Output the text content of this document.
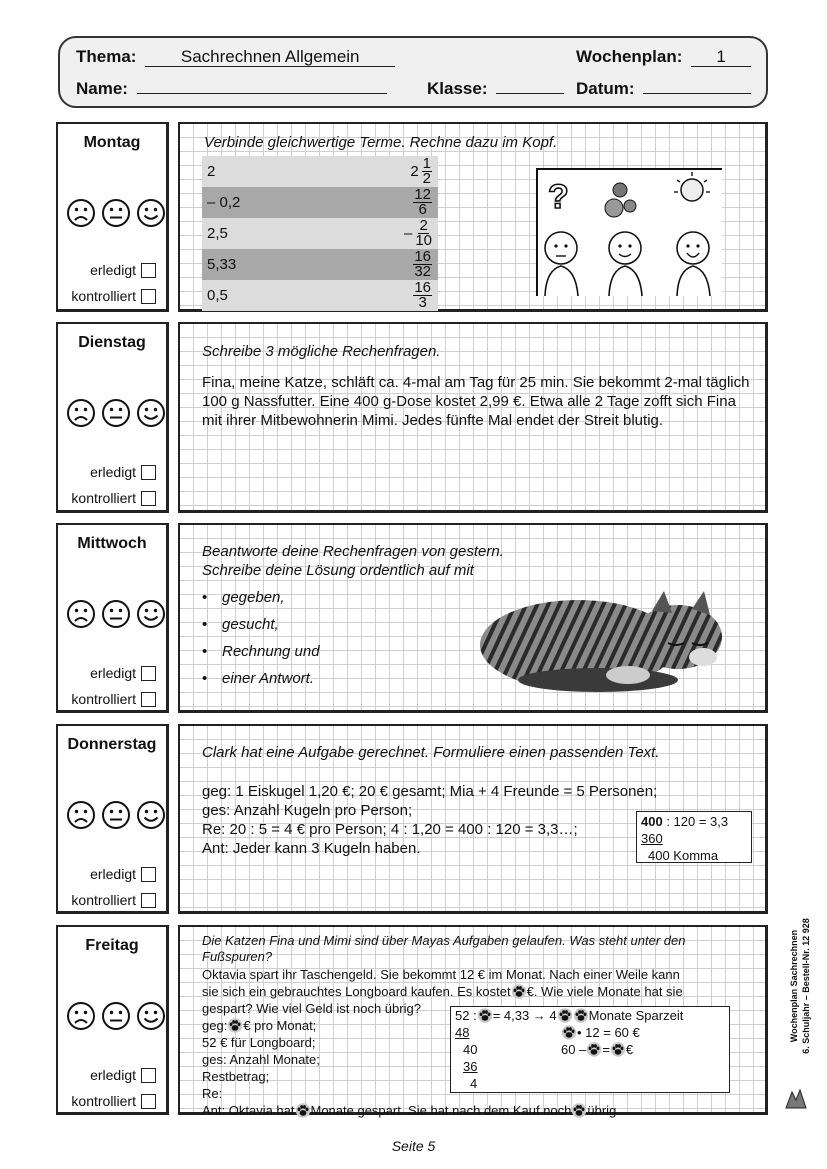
Thema:	Sachrechnen Allgemein	Wochenplan: 1
Name:	Klasse:	Datum:
Montag
erledigt
kontrolliert
Verbinde gleichwertige Terme. Rechne dazu im Kopf.
2	$2 \frac{1}{2}$
– 0,2	$\frac{12}{6}$
2,5	– $\frac{2}{10}$
5,33	$\frac{16}{32}$
0,5	$\frac{16}{3}$
?
Dienstag
erledigt
kontrolliert
Schreibe 3 mögliche Rechenfragen.
Fina, meine Katze, schläft ca. 4-mal am Tag für 25 min. Sie bekommt 2-mal täglich 100 g Nassfutter. Eine 400 g-Dose kostet 2,99 €. Etwa alle 2 Tage zofft sich Fina mit ihrer Mitbewohnerin Mimi. Jedes fünfte Mal endet der Streit blutig.
Mittwoch
erledigt
kontrolliert
Beantworte deine Rechenfragen von gestern.
Schreibe deine Lösung ordentlich auf mit
• gegeben,
• gesucht,
• Rechnung und
• einer Antwort.
Donnerstag
erledigt
kontrolliert
Clark hat eine Aufgabe gerechnet. Formuliere einen passenden Text.
geg: 1 Eiskugel 1,20 €; 20 € gesamt; Mia + 4 Freunde = 5 Personen;
ges: Anzahl Kugeln pro Person;
Re: 20 : 5 = 4 € pro Person; 4 : 1,20 = 400 : 120 = 3,3…;
Ant: Jeder kann 3 Kugeln haben.
400 : 120 = 3,3
360
400 Komma
Freitag
erledigt
kontrolliert
Die Katzen Fina und Mimi sind über Mayas Aufgaben gelaufen. Was steht unter den Fußspuren?
Oktavia spart ihr Taschengeld. Sie bekommt 12 € im Monat. Nach einer Weile kann
sie sich ein gebrauchtes Longboard kaufen. Es kostet €. Wie viele Monate hat sie
gespart? Wie viel Geld ist noch übrig?
geg: € pro Monat;
52 € für Longboard;
ges: Anzahl Monate;
Restbetrag;
Re:
Ant: Oktavia hat Monate gespart. Sie hat nach dem Kauf noch übrig.
52 : = 4,33 → 4 Monate Sparzeit
48	• 12 = 60 €
40	60 – = €
36
4
Wochenplan Sachrechnen 6. Schuljahr – Bestell-Nr. 12 928
Seite 5
